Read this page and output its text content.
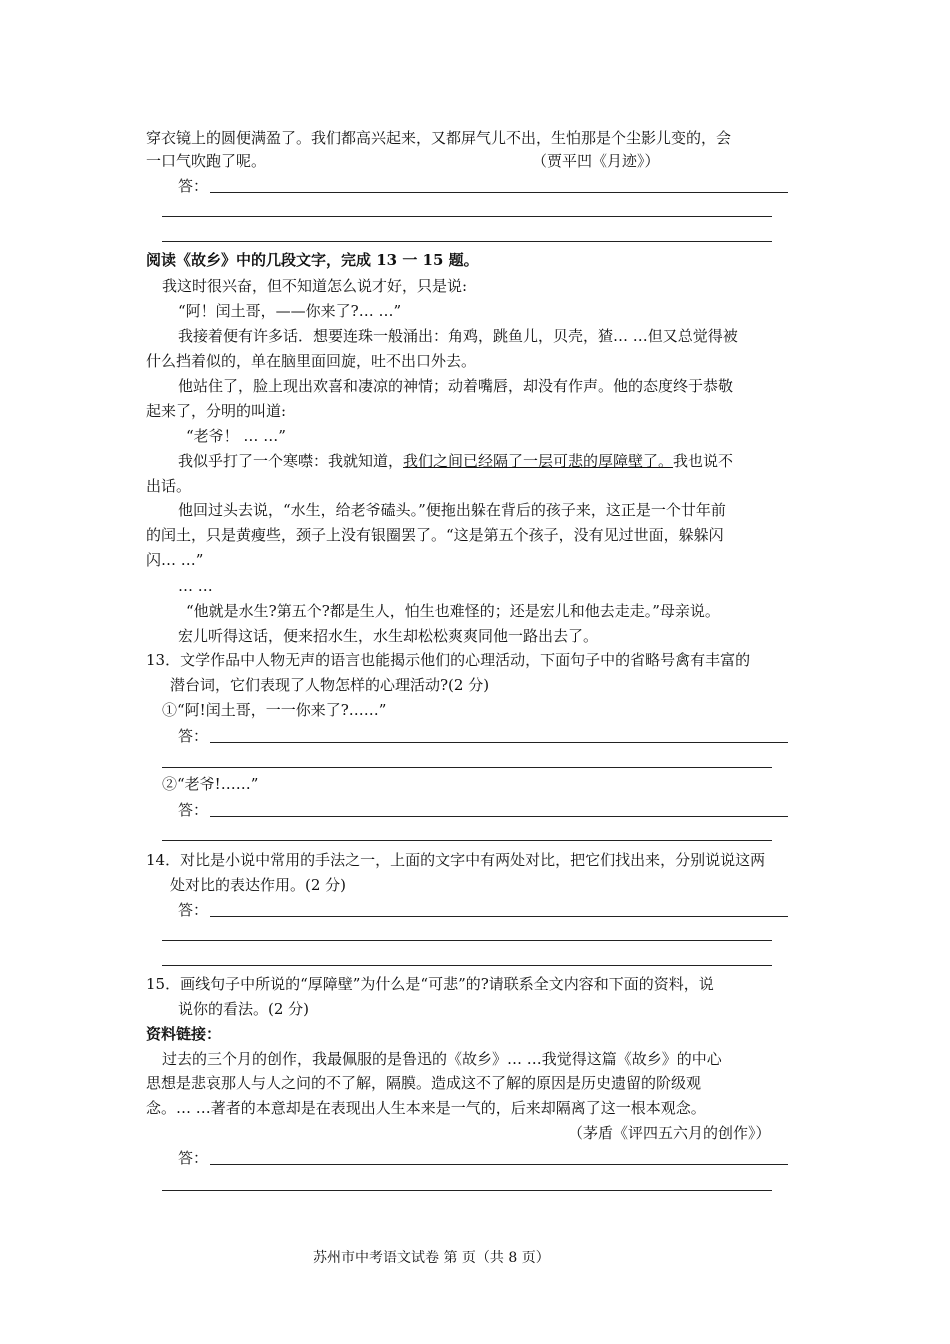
穿衣镜上的圆便满盈了。我们都高兴起来，又都屏气儿不出，生怕那是个尘影儿变的，会
一口气吹跑了呢。	（贾平凹《月迹》）
答：
阅读《故乡》中的几段文字，完成 13 一 15 题。
我这时很兴奋，但不知道怎么说才好，只是说:
“阿！闰土哥，——你来了?… …”
我接着便有许多话．想要连珠一般涌出：角鸡，跳鱼儿，贝壳，猹… …但又总觉得被
什么挡着似的，单在脑里面回旋，吐不出口外去。
他站住了，脸上现出欢喜和凄凉的神情；动着嘴唇，却没有作声。他的态度终于恭敬
起来了，分明的叫道:
“老爷！ … …”
我似乎打了一个寒噤：我就知道，我们之间已经隔了一层可悲的厚障壁了。我也说不
出话。
他回过头去说，“水生，给老爷磕头。”便拖出躲在背后的孩子来，这正是一个廿年前
的闰土，只是黄瘦些，颈子上没有银圈罢了。“这是第五个孩子，没有见过世面，躲躲闪
闪… …”
… …
“他就是水生?第五个?都是生人，怕生也难怪的；还是宏儿和他去走走。”母亲说。
宏儿听得这话，便来招水生，水生却松松爽爽同他一路出去了。
13．文学作品中人物无声的语言也能揭示他们的心理活动，下面句子中的省略号禽有丰富的
潜台词，它们表现了人物怎样的心理活动?(2 分)
①“阿!闰土哥，一一你来了?……”
答：
②“老爷!……”
答：
14．对比是小说中常用的手法之一，上面的文字中有两处对比，把它们找出来，分别说说这两
处对比的表达作用。(2 分)
答：
15．画线句子中所说的“厚障壁”为什么是“可悲”的?请联系全文内容和下面的资料，说
说你的看法。(2 分)
资料链接：
过去的三个月的创作，我最佩服的是鲁迅的《故乡》… …我觉得这篇《故乡》的中心
思想是悲哀那人与人之问的不了解，隔膜。造成这不了解的原因是历史遗留的阶级观
念。… …著者的本意却是在表现出人生本来是一气的，后来却隔离了这一根本观念。
（茅盾《评四五六月的创作》）
答：
苏州市中考语文试卷 第 页（共 8 页）
